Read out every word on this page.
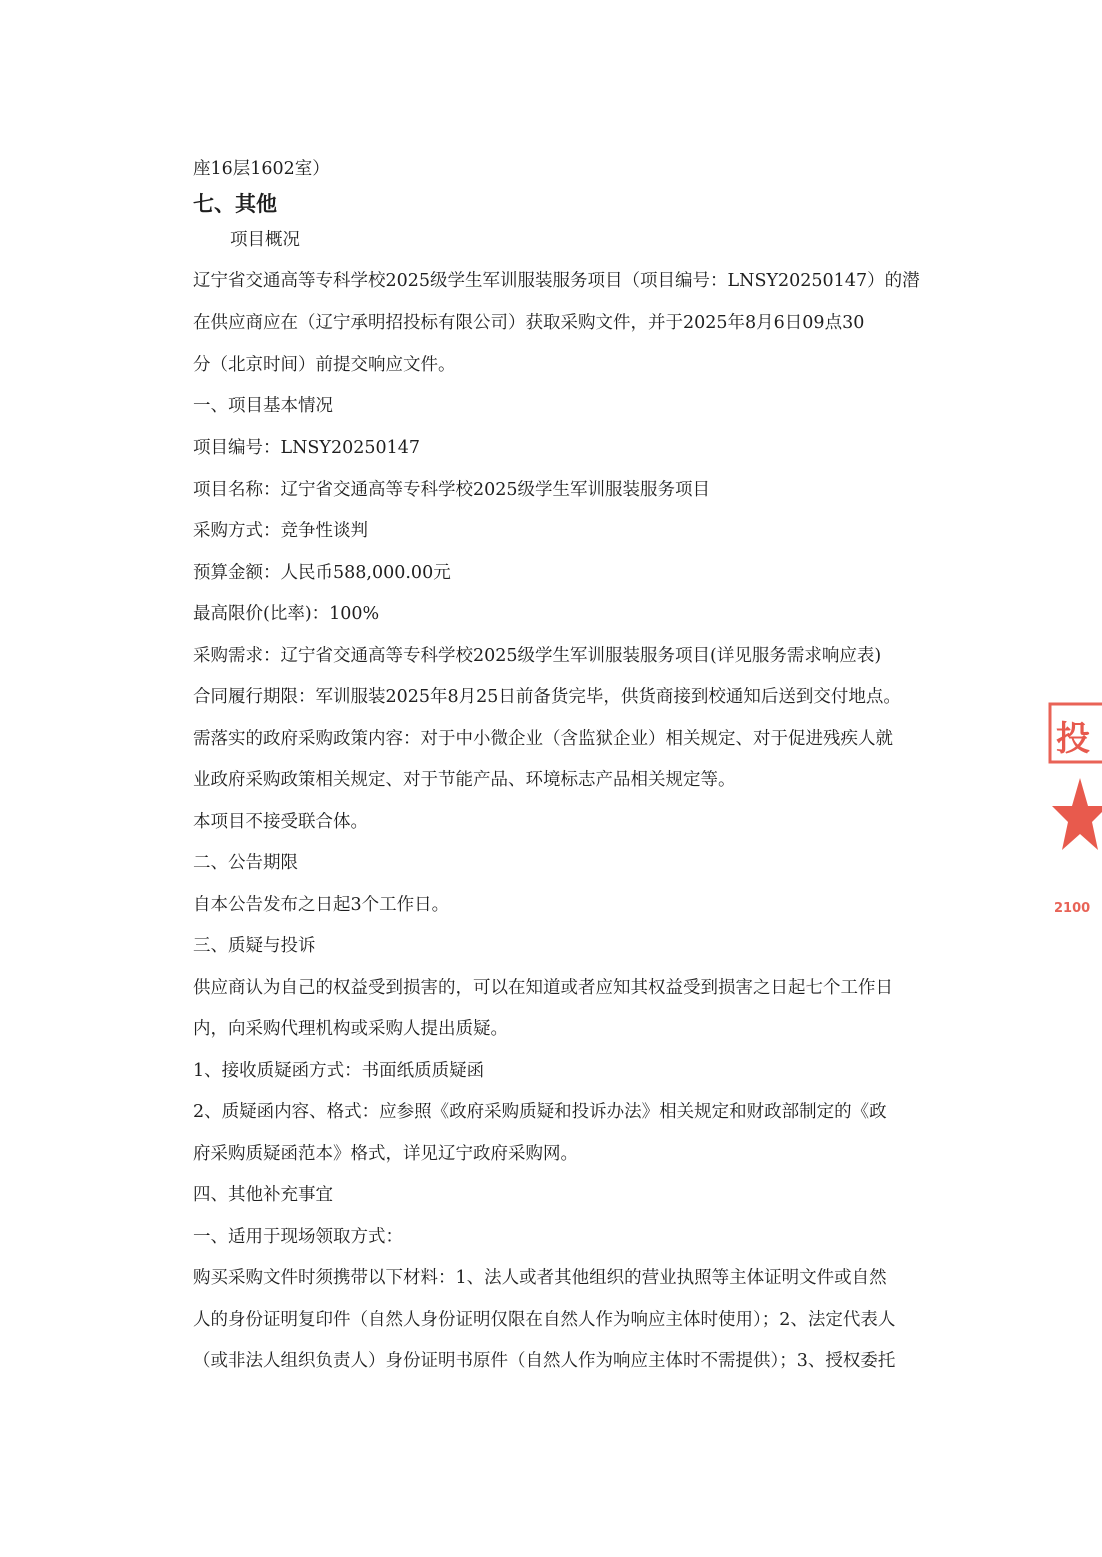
座16层1602室）
七、其他
项目概况
辽宁省交通高等专科学校2025级学生军训服装服务项目（项目编号：LNSY20250147）的潜
在供应商应在（辽宁承明招投标有限公司）获取采购文件，并于2025年8月6日09点30
分（北京时间）前提交响应文件。
一、项目基本情况
项目编号：LNSY20250147
项目名称：辽宁省交通高等专科学校2025级学生军训服装服务项目
采购方式：竞争性谈判
预算金额：人民币588,000.00元
最高限价(比率)：100%
采购需求：辽宁省交通高等专科学校2025级学生军训服装服务项目(详见服务需求响应表)
合同履行期限：军训服装2025年8月25日前备货完毕，供货商接到校通知后送到交付地点。
需落实的政府采购政策内容：对于中小微企业（含监狱企业）相关规定、对于促进残疾人就
业政府采购政策相关规定、对于节能产品、环境标志产品相关规定等。
本项目不接受联合体。
二、公告期限
自本公告发布之日起3个工作日。
三、质疑与投诉
供应商认为自己的权益受到损害的，可以在知道或者应知其权益受到损害之日起七个工作日
内，向采购代理机构或采购人提出质疑。
1、接收质疑函方式：书面纸质质疑函
2、质疑函内容、格式：应参照《政府采购质疑和投诉办法》相关规定和财政部制定的《政
府采购质疑函范本》格式，详见辽宁政府采购网。
四、其他补充事宜
一、适用于现场领取方式：
购买采购文件时须携带以下材料：1、法人或者其他组织的营业执照等主体证明文件或自然
人的身份证明复印件（自然人身份证明仅限在自然人作为响应主体时使用）；2、法定代表人
（或非法人组织负责人）身份证明书原件（自然人作为响应主体时不需提供）；3、授权委托
投
2100
